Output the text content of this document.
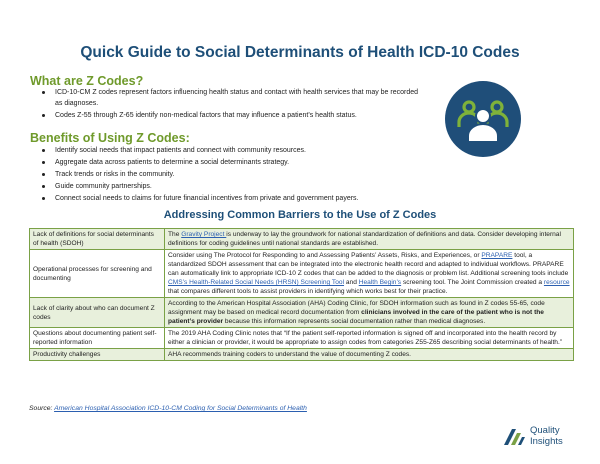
Quick Guide to Social Determinants of Health ICD-10 Codes
What are Z Codes?
ICD-10-CM Z codes represent factors influencing health status and contact with health services that may be recorded as diagnoses.
Codes Z-55 through Z-65 identify non-medical factors that may influence a patient’s health status.
Benefits of Using Z Codes:
Identify social needs that impact patients and connect with community resources.
Aggregate data across patients to determine a social determinants strategy.
Track trends or risks in the community.
Guide community partnerships.
Connect social needs to claims for future financial incentives from private and government payers.
Addressing Common Barriers to the Use of Z Codes
Lack of definitions for social determinants of health (SDOH)	The Gravity Project is underway to lay the groundwork for national standardization of definitions and data. Consider developing internal definitions for coding guidelines until national standards are established.
Operational processes for screening and documenting	Consider using The Protocol for Responding to and Assessing Patients’ Assets, Risks, and Experiences, or PRAPARE tool, a standardized SDOH assessment that can be integrated into the electronic health record and adapted to individual workflows. PRAPARE can automatically link to appropriate ICD-10 Z codes that can be added to the diagnosis or problem list. Additional screening tools include CMS’s Health-Related Social Needs (HRSN) Screening Tool and Health Begin’s screening tool. The Joint Commission created a resource that compares different tools to assist providers in identifying which works best for their practice.
Lack of clarity about who can document Z codes	According to the American Hospital Association (AHA) Coding Clinic, for SDOH information such as found in Z codes 55-65, code assignment may be based on medical record documentation from clinicians involved in the care of the patient who is not the patient’s provider because this information represents social documentation rather than medical diagnoses.
Questions about documenting patient self-reported information	The 2019 AHA Coding Clinic notes that “If the patient self-reported information is signed off and incorporated into the health record by either a clinician or provider, it would be appropriate to assign codes from categories Z55-Z65 describing social determinants of health.”
Productivity challenges	AHA recommends training coders to understand the value of documenting Z codes.
Source: American Hospital Association ICD-10-CM Coding for Social Determinants of Health
Quality
Insights
